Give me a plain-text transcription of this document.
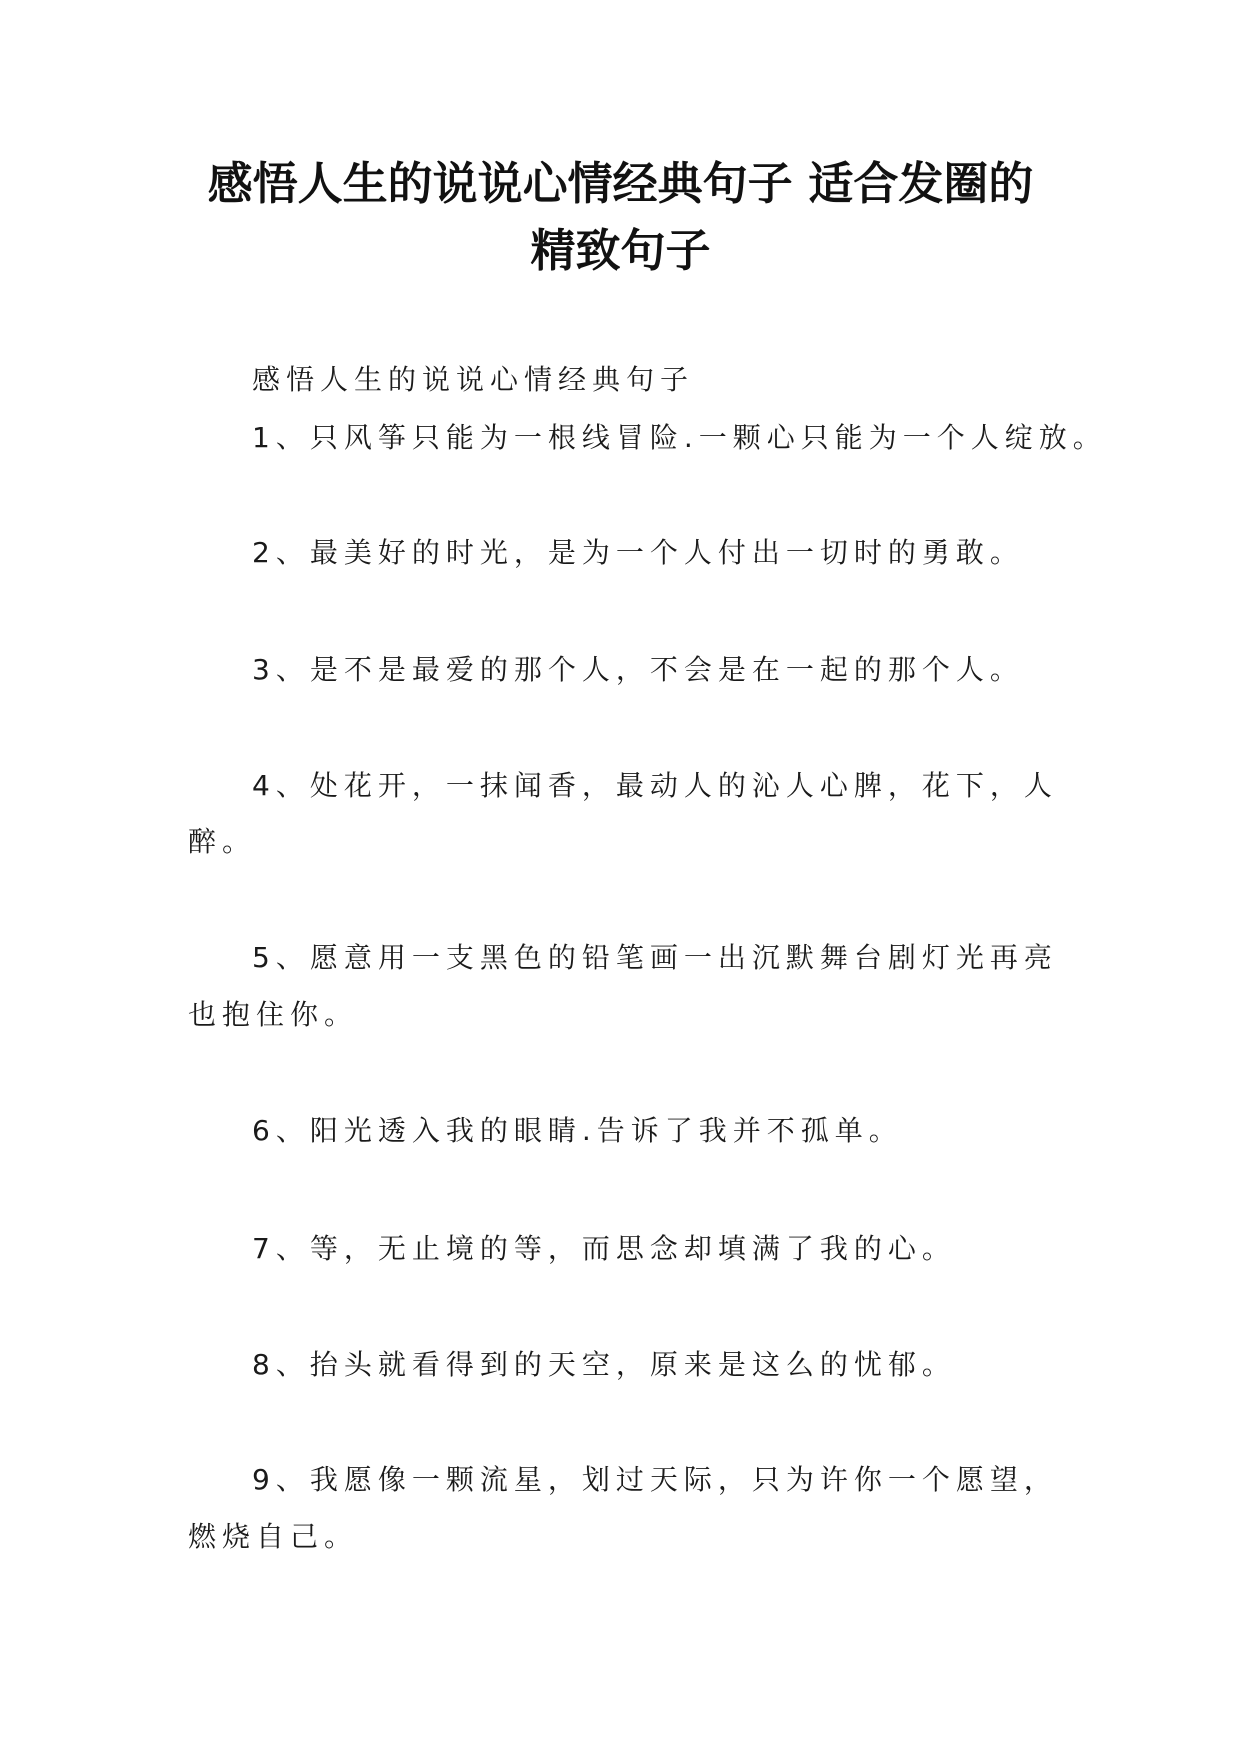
感悟人生的说说心情经典句子 适合发圈的
精致句子

感悟人生的说说心情经典句子

1、只风筝只能为一根线冒险.一颗心只能为一个人绽放。

2、最美好的时光，是为一个人付出一切时的勇敢。

3、是不是最爱的那个人，不会是在一起的那个人。

4、处花开，一抹闻香，最动人的沁人心脾，花下，人

醉。

5、愿意用一支黑色的铅笔画一出沉默舞台剧灯光再亮

也抱住你。

6、阳光透入我的眼睛.告诉了我并不孤单。

7、等，无止境的等，而思念却填满了我的心。

8、抬头就看得到的天空，原来是这么的忧郁。

9、我愿像一颗流星，划过天际，只为许你一个愿望，

燃烧自己。
